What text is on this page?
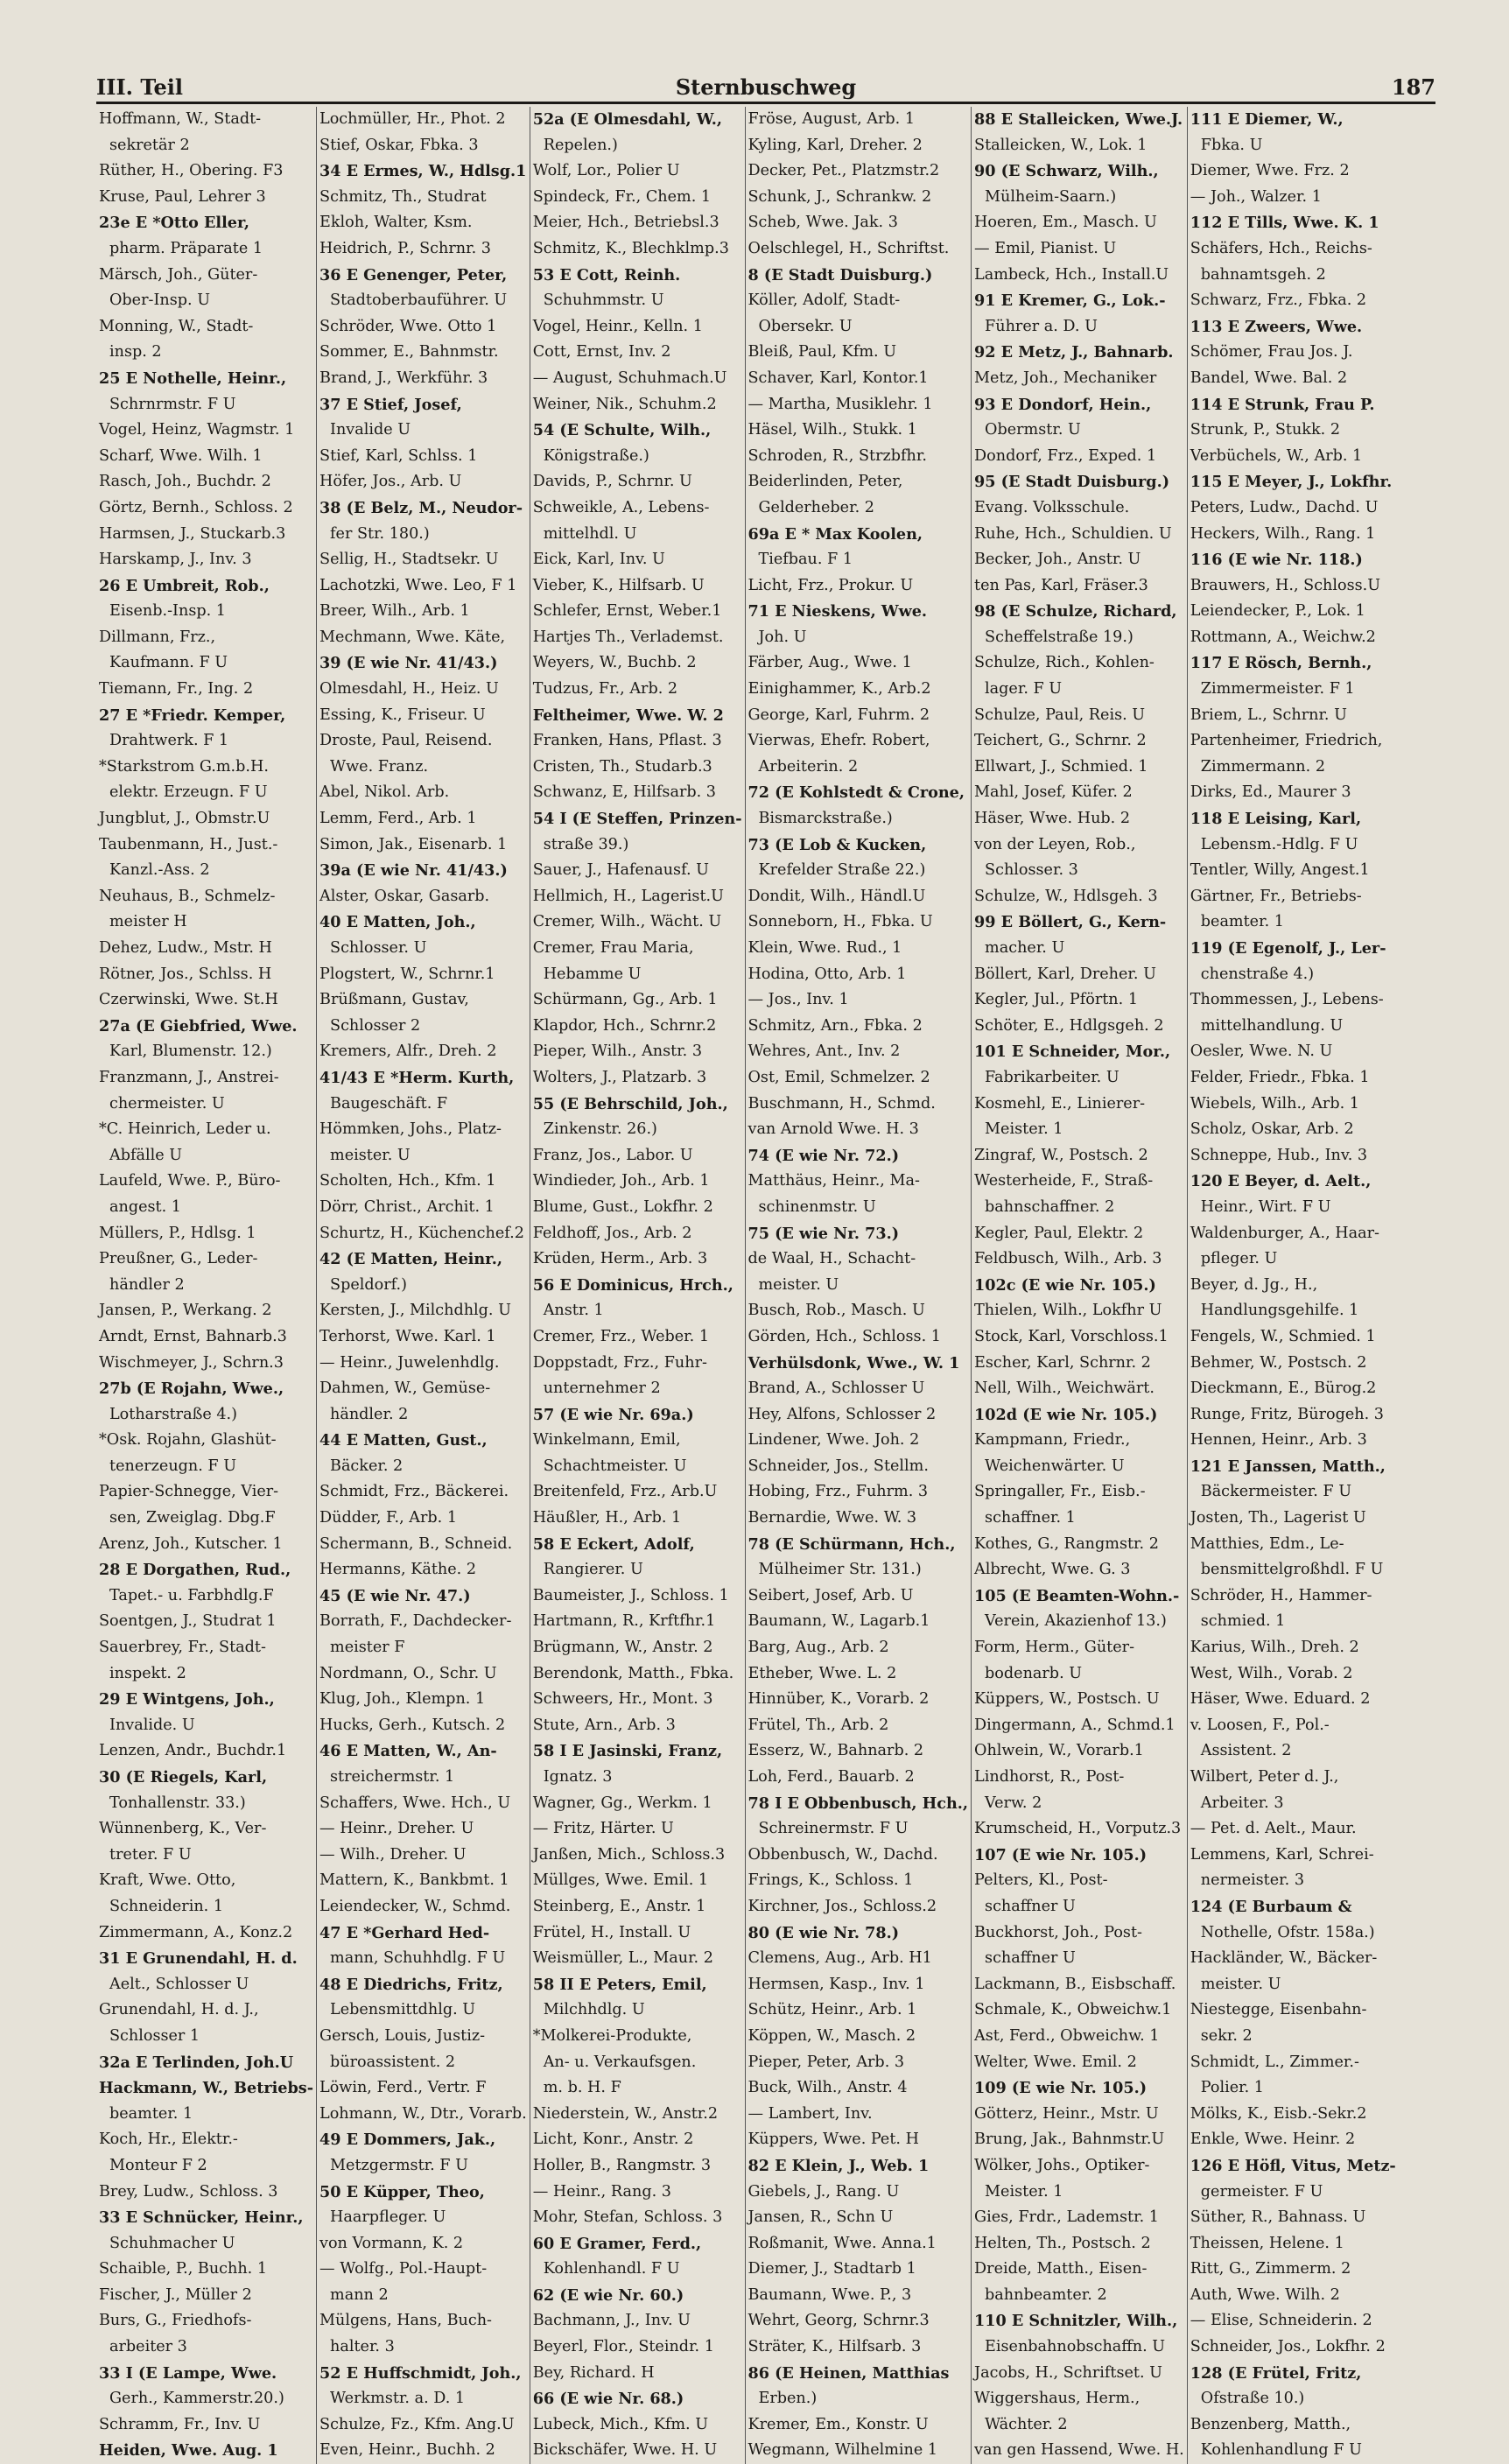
III. Teil	Sternbuschweg	187
Hoffmann, W., Stadt-
sekretär 2
Rüther, H., Obering. F3
Kruse, Paul, Lehrer 3
23e E *Otto Eller,
pharm. Präparate 1
Märsch, Joh., Güter-
Ober-Insp. U
Monning, W., Stadt-
insp. 2
25 E Nothelle, Heinr.,
Schrnrmstr. F U
Vogel, Heinz, Wagmstr. 1
Scharf, Wwe. Wilh. 1
Rasch, Joh., Buchdr. 2
Görtz, Bernh., Schloss. 2
Harmsen, J., Stuckarb.3
Harskamp, J., Inv. 3
26 E Umbreit, Rob.,
Eisenb.-Insp. 1
Dillmann, Frz.,
Kaufmann. F U
Tiemann, Fr., Ing. 2
27 E *Friedr. Kemper,
Drahtwerk. F 1
*Starkstrom G.m.b.H.
elektr. Erzeugn. F U
Jungblut, J., Obmstr.U
Taubenmann, H., Just.-
Kanzl.-Ass. 2
Neuhaus, B., Schmelz-
meister H
Dehez, Ludw., Mstr. H
Rötner, Jos., Schlss. H
Czerwinski, Wwe. St.H
27a (E Giebfried, Wwe.
Karl, Blumenstr. 12.)
Franzmann, J., Anstrei-
chermeister. U
*C. Heinrich, Leder u.
Abfälle U
Laufeld, Wwe. P., Büro-
angest. 1
Müllers, P., Hdlsg. 1
Preußner, G., Leder-
händler 2
Jansen, P., Werkang. 2
Arndt, Ernst, Bahnarb.3
Wischmeyer, J., Schrn.3
27b (E Rojahn, Wwe.,
Lotharstraße 4.)
*Osk. Rojahn, Glashüt-
tenerzeugn. F U
Papier-Schnegge, Vier-
sen, Zweiglag. Dbg.F
Arenz, Joh., Kutscher. 1
28 E Dorgathen, Rud.,
Tapet.- u. Farbhdlg.F
Soentgen, J., Studrat 1
Sauerbrey, Fr., Stadt-
inspekt. 2
29 E Wintgens, Joh.,
Invalide. U
Lenzen, Andr., Buchdr.1
30 (E Riegels, Karl,
Tonhallenstr. 33.)
Wünnenberg, K., Ver-
treter. F U
Kraft, Wwe. Otto,
Schneiderin. 1
Zimmermann, A., Konz.2
31 E Grunendahl, H. d.
Aelt., Schlosser U
Grunendahl, H. d. J.,
Schlosser 1
32a E Terlinden, Joh.U
Hackmann, W., Betriebs-
beamter. 1
Koch, Hr., Elektr.-
Monteur F 2
Brey, Ludw., Schloss. 3
33 E Schnücker, Heinr.,
Schuhmacher U
Schaible, P., Buchh. 1
Fischer, J., Müller 2
Burs, G., Friedhofs-
arbeiter 3
33 I (E Lampe, Wwe.
Gerh., Kammerstr.20.)
Schramm, Fr., Inv. U
Heiden, Wwe. Aug. 1
Lochmüller, Hr., Phot. 2
Stief, Oskar, Fbka. 3
34 E Ermes, W., Hdlsg.1
Schmitz, Th., Studrat
Ekloh, Walter, Ksm.
Heidrich, P., Schrnr. 3
36 E Genenger, Peter,
Stadtoberbauführer. U
Schröder, Wwe. Otto 1
Sommer, E., Bahnmstr.
Brand, J., Werkführ. 3
37 E Stief, Josef,
Invalide U
Stief, Karl, Schlss. 1
Höfer, Jos., Arb. U
38 (E Belz, M., Neudor-
fer Str. 180.)
Sellig, H., Stadtsekr. U
Lachotzki, Wwe. Leo, F 1
Breer, Wilh., Arb. 1
Mechmann, Wwe. Käte,
39 (E wie Nr. 41/43.)
Olmesdahl, H., Heiz. U
Essing, K., Friseur. U
Droste, Paul, Reisend.
Wwe. Franz.
Abel, Nikol. Arb.
Lemm, Ferd., Arb. 1
Simon, Jak., Eisenarb. 1
39a (E wie Nr. 41/43.)
Alster, Oskar, Gasarb.
40 E Matten, Joh.,
Schlosser. U
Plogstert, W., Schrnr.1
Brüßmann, Gustav,
Schlosser 2
Kremers, Alfr., Dreh. 2
41/43 E *Herm. Kurth,
Baugeschäft. F
Hömmken, Johs., Platz-
meister. U
Scholten, Hch., Kfm. 1
Dörr, Christ., Archit. 1
Schurtz, H., Küchenchef.2
42 (E Matten, Heinr.,
Speldorf.)
Kersten, J., Milchdhlg. U
Terhorst, Wwe. Karl. 1
— Heinr., Juwelenhdlg.
Dahmen, W., Gemüse-
händler. 2
44 E Matten, Gust.,
Bäcker. 2
Schmidt, Frz., Bäckerei.
Düdder, F., Arb. 1
Schermann, B., Schneid.
Hermanns, Käthe. 2
45 (E wie Nr. 47.)
Borrath, F., Dachdecker-
meister F
Nordmann, O., Schr. U
Klug, Joh., Klempn. 1
Hucks, Gerh., Kutsch. 2
46 E Matten, W., An-
streichermstr. 1
Schaffers, Wwe. Hch., U
— Heinr., Dreher. U
— Wilh., Dreher. U
Mattern, K., Bankbmt. 1
Leiendecker, W., Schmd.
47 E *Gerhard Hed-
mann, Schuhhdlg. F U
48 E Diedrichs, Fritz,
Lebensmittdhlg. U
Gersch, Louis, Justiz-
büroassistent. 2
Löwin, Ferd., Vertr. F
Lohmann, W., Dtr., Vorarb.
49 E Dommers, Jak.,
Metzgermstr. F U
50 E Küpper, Theo,
Haarpfleger. U
von Vormann, K. 2
— Wolfg., Pol.-Haupt-
mann 2
Mülgens, Hans, Buch-
halter. 3
52 E Huffschmidt, Joh.,
Werkmstr. a. D. 1
Schulze, Fz., Kfm. Ang.U
Even, Heinr., Buchh. 2
52a (E Olmesdahl, W.,
Repelen.)
Wolf, Lor., Polier U
Spindeck, Fr., Chem. 1
Meier, Hch., Betriebsl.3
Schmitz, K., Blechklmp.3
53 E Cott, Reinh.
Schuhmmstr. U
Vogel, Heinr., Kelln. 1
Cott, Ernst, Inv. 2
— August, Schuhmach.U
Weiner, Nik., Schuhm.2
54 (E Schulte, Wilh.,
Königstraße.)
Davids, P., Schrnr. U
Schweikle, A., Lebens-
mittelhdl. U
Eick, Karl, Inv. U
Vieber, K., Hilfsarb. U
Schlefer, Ernst, Weber.1
Hartjes Th., Verlademst.
Weyers, W., Buchb. 2
Tudzus, Fr., Arb. 2
Feltheimer, Wwe. W. 2
Franken, Hans, Pflast. 3
Cristen, Th., Studarb.3
Schwanz, E, Hilfsarb. 3
54 I (E Steffen, Prinzen-
straße 39.)
Sauer, J., Hafenausf. U
Hellmich, H., Lagerist.U
Cremer, Wilh., Wächt. U
Cremer, Frau Maria,
Hebamme U
Schürmann, Gg., Arb. 1
Klapdor, Hch., Schrnr.2
Pieper, Wilh., Anstr. 3
Wolters, J., Platzarb. 3
55 (E Behrschild, Joh.,
Zinkenstr. 26.)
Franz, Jos., Labor. U
Windieder, Joh., Arb. 1
Blume, Gust., Lokfhr. 2
Feldhoff, Jos., Arb. 2
Krüden, Herm., Arb. 3
56 E Dominicus, Hrch.,
Anstr. 1
Cremer, Frz., Weber. 1
Doppstadt, Frz., Fuhr-
unternehmer 2
57 (E wie Nr. 69a.)
Winkelmann, Emil,
Schachtmeister. U
Breitenfeld, Frz., Arb.U
Häußler, H., Arb. 1
58 E Eckert, Adolf,
Rangierer. U
Baumeister, J., Schloss. 1
Hartmann, R., Krftfhr.1
Brügmann, W., Anstr. 2
Berendonk, Matth., Fbka.
Schweers, Hr., Mont. 3
Stute, Arn., Arb. 3
58 I E Jasinski, Franz,
Ignatz. 3
Wagner, Gg., Werkm. 1
— Fritz, Härter. U
Janßen, Mich., Schloss.3
Müllges, Wwe. Emil. 1
Steinberg, E., Anstr. 1
Frütel, H., Install. U
Weismüller, L., Maur. 2
58 II E Peters, Emil,
Milchhdlg. U
*Molkerei-Produkte,
An- u. Verkaufsgen.
m. b. H. F
Niederstein, W., Anstr.2
Licht, Konr., Anstr. 2
Holler, B., Rangmstr. 3
— Heinr., Rang. 3
Mohr, Stefan, Schloss. 3
60 E Gramer, Ferd.,
Kohlenhandl. F U
62 (E wie Nr. 60.)
Bachmann, J., Inv. U
Beyerl, Flor., Steindr. 1
Bey, Richard. H
66 (E wie Nr. 68.)
Lubeck, Mich., Kfm. U
Bickschäfer, Wwe. H. U
Fröse, August, Arb. 1
Kyling, Karl, Dreher. 2
Decker, Pet., Platzmstr.2
Schunk, J., Schrankw. 2
Scheb, Wwe. Jak. 3
Oelschlegel, H., Schriftst.
8 (E Stadt Duisburg.)
Köller, Adolf, Stadt-
Obersekr. U
Bleiß, Paul, Kfm. U
Schaver, Karl, Kontor.1
— Martha, Musiklehr. 1
Häsel, Wilh., Stukk. 1
Schroden, R., Strzbfhr.
Beiderlinden, Peter,
Gelderheber. 2
69a E * Max Koolen,
Tiefbau. F 1
Licht, Frz., Prokur. U
71 E Nieskens, Wwe.
Joh. U
Färber, Aug., Wwe. 1
Einighammer, K., Arb.2
George, Karl, Fuhrm. 2
Vierwas, Ehefr. Robert,
Arbeiterin. 2
72 (E Kohlstedt & Crone,
Bismarckstraße.)
73 (E Lob & Kucken,
Krefelder Straße 22.)
Dondit, Wilh., Händl.U
Sonneborn, H., Fbka. U
Klein, Wwe. Rud., 1
Hodina, Otto, Arb. 1
— Jos., Inv. 1
Schmitz, Arn., Fbka. 2
Wehres, Ant., Inv. 2
Ost, Emil, Schmelzer. 2
Buschmann, H., Schmd.
van Arnold Wwe. H. 3
74 (E wie Nr. 72.)
Matthäus, Heinr., Ma-
schinenmstr. U
75 (E wie Nr. 73.)
de Waal, H., Schacht-
meister. U
Busch, Rob., Masch. U
Görden, Hch., Schloss. 1
Verhülsdonk, Wwe., W. 1
Brand, A., Schlosser U
Hey, Alfons, Schlosser 2
Lindener, Wwe. Joh. 2
Schneider, Jos., Stellm.
Hobing, Frz., Fuhrm. 3
Bernardie, Wwe. W. 3
78 (E Schürmann, Hch.,
Mülheimer Str. 131.)
Seibert, Josef, Arb. U
Baumann, W., Lagarb.1
Barg, Aug., Arb. 2
Etheber, Wwe. L. 2
Hinnüber, K., Vorarb. 2
Frütel, Th., Arb. 2
Esserz, W., Bahnarb. 2
Loh, Ferd., Bauarb. 2
78 I E Obbenbusch, Hch.,
Schreinermstr. F U
Obbenbusch, W., Dachd.
Frings, K., Schloss. 1
Kirchner, Jos., Schloss.2
80 (E wie Nr. 78.)
Clemens, Aug., Arb. H1
Hermsen, Kasp., Inv. 1
Schütz, Heinr., Arb. 1
Köppen, W., Masch. 2
Pieper, Peter, Arb. 3
Buck, Wilh., Anstr. 4
— Lambert, Inv.
Küppers, Wwe. Pet. H
82 E Klein, J., Web. 1
Giebels, J., Rang. U
Jansen, R., Schn U
Roßmanit, Wwe. Anna.1
Diemer, J., Stadtarb 1
Baumann, Wwe. P., 3
Wehrt, Georg, Schrnr.3
Sträter, K., Hilfsarb. 3
86 (E Heinen, Matthias
Erben.)
Kremer, Em., Konstr. U
Wegmann, Wilhelmine 1
88 E Stalleicken, Wwe.J.
Stalleicken, W., Lok. 1
90 (E Schwarz, Wilh.,
Mülheim-Saarn.)
Hoeren, Em., Masch. U
— Emil, Pianist. U
Lambeck, Hch., Install.U
91 E Kremer, G., Lok.-
Führer a. D. U
92 E Metz, J., Bahnarb.
Metz, Joh., Mechaniker
93 E Dondorf, Hein.,
Obermstr. U
Dondorf, Frz., Exped. 1
95 (E Stadt Duisburg.)
Evang. Volksschule.
Ruhe, Hch., Schuldien. U
Becker, Joh., Anstr. U
ten Pas, Karl, Fräser.3
98 (E Schulze, Richard,
Scheffelstraße 19.)
Schulze, Rich., Kohlen-
lager. F U
Schulze, Paul, Reis. U
Teichert, G., Schrnr. 2
Ellwart, J., Schmied. 1
Mahl, Josef, Küfer. 2
Häser, Wwe. Hub. 2
von der Leyen, Rob.,
Schlosser. 3
Schulze, W., Hdlsgeh. 3
99 E Böllert, G., Kern-
macher. U
Böllert, Karl, Dreher. U
Kegler, Jul., Pförtn. 1
Schöter, E., Hdlgsgeh. 2
101 E Schneider, Mor.,
Fabrikarbeiter. U
Kosmehl, E., Linierer-
Meister. 1
Zingraf, W., Postsch. 2
Westerheide, F., Straß-
bahnschaffner. 2
Kegler, Paul, Elektr. 2
Feldbusch, Wilh., Arb. 3
102c (E wie Nr. 105.)
Thielen, Wilh., Lokfhr U
Stock, Karl, Vorschloss.1
Escher, Karl, Schrnr. 2
Nell, Wilh., Weichwärt.
102d (E wie Nr. 105.)
Kampmann, Friedr.,
Weichenwärter. U
Springaller, Fr., Eisb.-
schaffner. 1
Kothes, G., Rangmstr. 2
Albrecht, Wwe. G. 3
105 (E Beamten-Wohn.-
Verein, Akazienhof 13.)
Form, Herm., Güter-
bodenarb. U
Küppers, W., Postsch. U
Dingermann, A., Schmd.1
Ohlwein, W., Vorarb.1
Lindhorst, R., Post-
Verw. 2
Krumscheid, H., Vorputz.3
107 (E wie Nr. 105.)
Pelters, Kl., Post-
schaffner U
Buckhorst, Joh., Post-
schaffner U
Lackmann, B., Eisbschaff.
Schmale, K., Obweichw.1
Ast, Ferd., Obweichw. 1
Welter, Wwe. Emil. 2
109 (E wie Nr. 105.)
Götterz, Heinr., Mstr. U
Brung, Jak., Bahnmstr.U
Wölker, Johs., Optiker-
Meister. 1
Gies, Frdr., Lademstr. 1
Helten, Th., Postsch. 2
Dreide, Matth., Eisen-
bahnbeamter. 2
110 E Schnitzler, Wilh.,
Eisenbahnobschaffn. U
Jacobs, H., Schriftset. U
Wiggershaus, Herm.,
Wächter. 2
van gen Hassend, Wwe. H.
111 E Diemer, W.,
Fbka. U
Diemer, Wwe. Frz. 2
— Joh., Walzer. 1
112 E Tills, Wwe. K. 1
Schäfers, Hch., Reichs-
bahnamtsgeh. 2
Schwarz, Frz., Fbka. 2
113 E Zweers, Wwe.
Schömer, Frau Jos. J.
Bandel, Wwe. Bal. 2
114 E Strunk, Frau P.
Strunk, P., Stukk. 2
Verbüchels, W., Arb. 1
115 E Meyer, J., Lokfhr.
Peters, Ludw., Dachd. U
Heckers, Wilh., Rang. 1
116 (E wie Nr. 118.)
Brauwers, H., Schloss.U
Leiendecker, P., Lok. 1
Rottmann, A., Weichw.2
117 E Rösch, Bernh.,
Zimmermeister. F 1
Briem, L., Schrnr. U
Partenheimer, Friedrich,
Zimmermann. 2
Dirks, Ed., Maurer 3
118 E Leising, Karl,
Lebensm.-Hdlg. F U
Tentler, Willy, Angest.1
Gärtner, Fr., Betriebs-
beamter. 1
119 (E Egenolf, J., Ler-
chenstraße 4.)
Thommessen, J., Lebens-
mittelhandlung. U
Oesler, Wwe. N. U
Felder, Friedr., Fbka. 1
Wiebels, Wilh., Arb. 1
Scholz, Oskar, Arb. 2
Schneppe, Hub., Inv. 3
120 E Beyer, d. Aelt.,
Heinr., Wirt. F U
Waldenburger, A., Haar-
pfleger. U
Beyer, d. Jg., H.,
Handlungsgehilfe. 1
Fengels, W., Schmied. 1
Behmer, W., Postsch. 2
Dieckmann, E., Bürog.2
Runge, Fritz, Bürogeh. 3
Hennen, Heinr., Arb. 3
121 E Janssen, Matth.,
Bäckermeister. F U
Josten, Th., Lagerist U
Matthies, Edm., Le-
bensmittelgroßhdl. F U
Schröder, H., Hammer-
schmied. 1
Karius, Wilh., Dreh. 2
West, Wilh., Vorab. 2
Häser, Wwe. Eduard. 2
v. Loosen, F., Pol.-
Assistent. 2
Wilbert, Peter d. J.,
Arbeiter. 3
— Pet. d. Aelt., Maur.
Lemmens, Karl, Schrei-
nermeister. 3
124 (E Burbaum &
Nothelle, Ofstr. 158a.)
Hackländer, W., Bäcker-
meister. U
Niestegge, Eisenbahn-
sekr. 2
Schmidt, L., Zimmer.-
Polier. 1
Mölks, K., Eisb.-Sekr.2
Enkle, Wwe. Heinr. 2
126 E Höfl, Vitus, Metz-
germeister. F U
Süther, R., Bahnass. U
Theissen, Helene. 1
Ritt, G., Zimmerm. 2
Auth, Wwe. Wilh. 2
— Elise, Schneiderin. 2
Schneider, Jos., Lokfhr. 2
128 (E Frütel, Fritz,
Ofstraße 10.)
Benzenberg, Matth.,
Kohlenhandlung F U
